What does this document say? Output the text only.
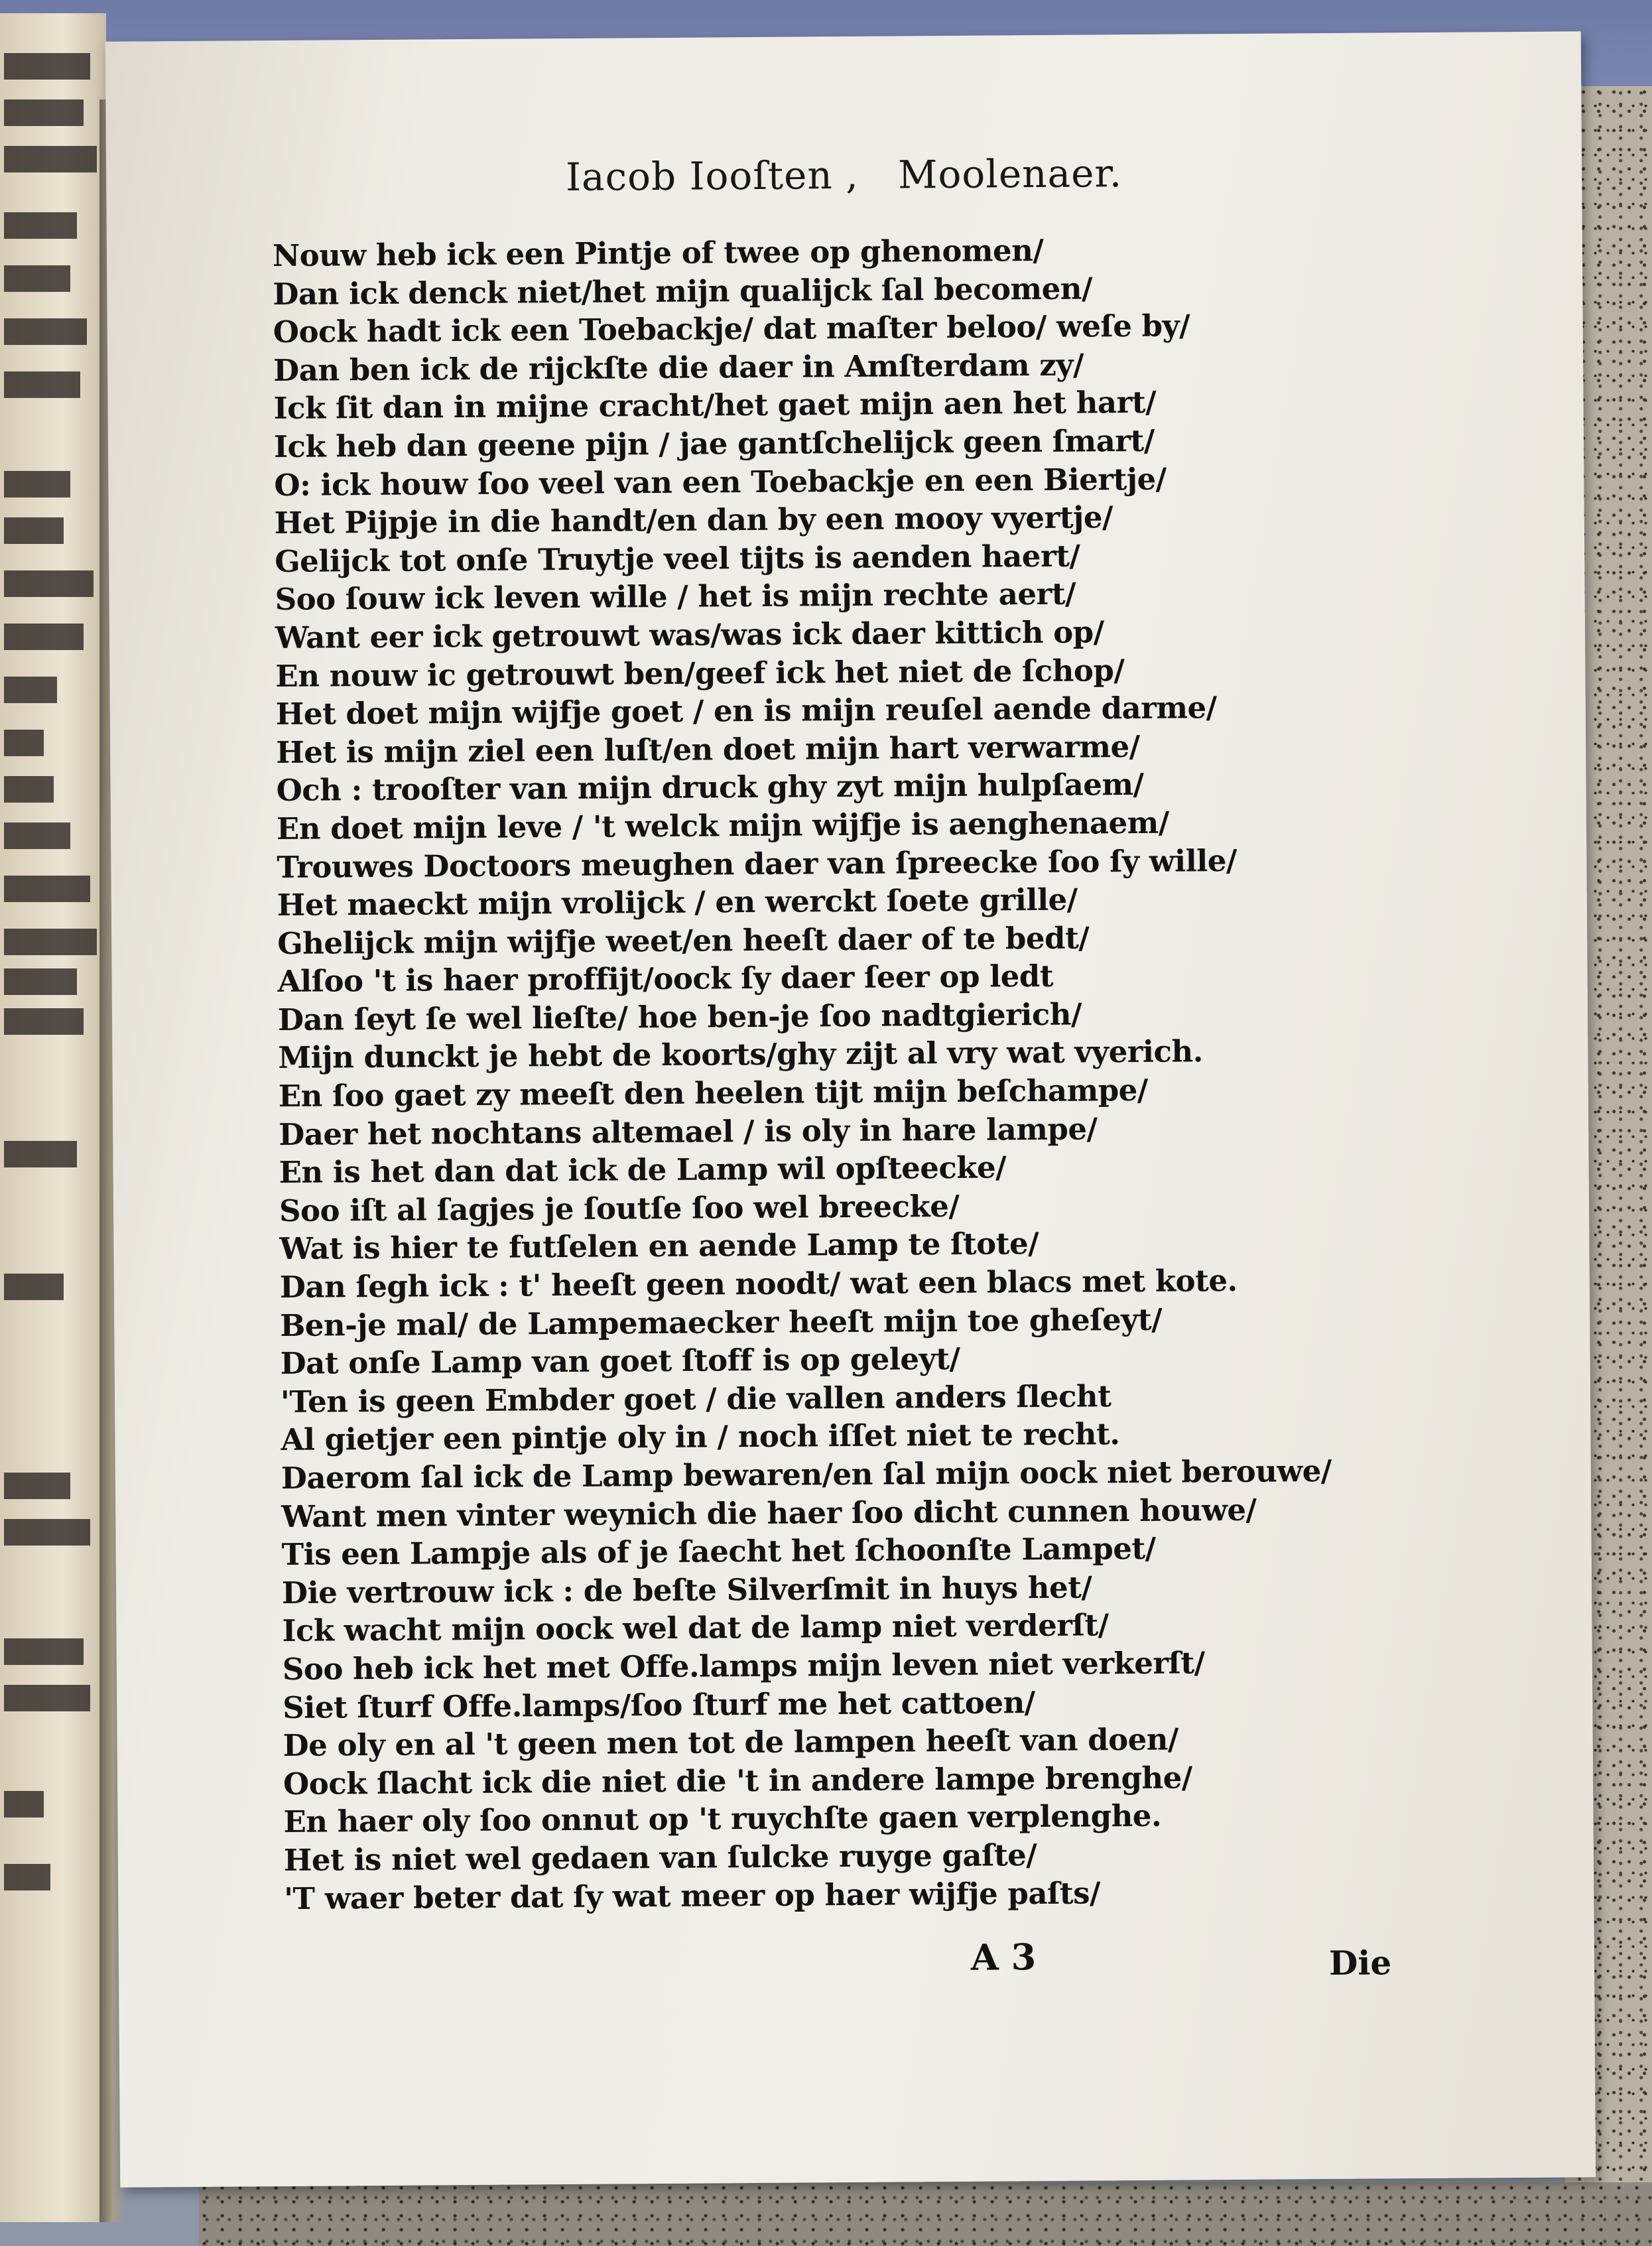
Iacob Iooſten , Moolenaer.
Nouw heb ick een Pintje of twee op ghenomen/
Dan ick denck niet/het mijn qualijck ſal becomen/
Oock hadt ick een Toebackje/ dat maſter beloo/ weſe by/
Dan ben ick de rijckſte die daer in Amſterdam zy/
Ick ſit dan in mijne cracht/het gaet mijn aen het hart/
Ick heb dan geene pijn / jae gantſchelijck geen ſmart/
O: ick houw ſoo veel van een Toebackje en een Biertje/
Het Pijpje in die handt/en dan by een mooy vyertje/
Gelijck tot onſe Truytje veel tijts is aenden haert/
Soo ſouw ick leven wille / het is mijn rechte aert/
Want eer ick getrouwt was/was ick daer kittich op/
En nouw ic getrouwt ben/geef ick het niet de ſchop/
Het doet mijn wijfje goet / en is mijn reuſel aende darme/
Het is mijn ziel een luſt/en doet mijn hart verwarme/
Och : trooſter van mijn druck ghy zyt mijn hulpſaem/
En doet mijn leve / 't welck mijn wijfje is aenghenaem/
Trouwes Doctoors meughen daer van ſpreecke ſoo ſy wille/
Het maeckt mijn vrolijck / en werckt ſoete grille/
Ghelijck mijn wijfje weet/en heeſt daer of te bedt/
Alſoo 't is haer proffijt/oock ſy daer ſeer op ledt
Dan ſeyt ſe wel lieſte/ hoe ben-je ſoo nadtgierich/
Mijn dunckt je hebt de koorts/ghy zijt al vry wat vyerich.
En ſoo gaet zy meeſt den heelen tijt mijn beſchampe/
Daer het nochtans altemael / is oly in hare lampe/
En is het dan dat ick de Lamp wil opſteecke/
Soo iſt al ſagjes je ſoutſe ſoo wel breecke/
Wat is hier te futſelen en aende Lamp te ſtote/
Dan ſegh ick : t' heeſt geen noodt/ wat een blacs met kote.
Ben-je mal/ de Lampemaecker heeſt mijn toe gheſeyt/
Dat onſe Lamp van goet ſtoff is op geleyt/
'Ten is geen Embder goet / die vallen anders ſlecht
Al gietjer een pintje oly in / noch iſſet niet te recht.
Daerom ſal ick de Lamp bewaren/en ſal mijn oock niet berouwe/
Want men vinter weynich die haer ſoo dicht cunnen houwe/
Tis een Lampje als of je ſaecht het ſchoonſte Lampet/
Die vertrouw ick : de beſte Silverſmit in huys het/
Ick wacht mijn oock wel dat de lamp niet verderſt/
Soo heb ick het met Offe.lamps mijn leven niet verkerſt/
Siet ſturf Offe.lamps/ſoo ſturf me het cattoen/
De oly en al 't geen men tot de lampen heeſt van doen/
Oock ſlacht ick die niet die 't in andere lampe brenghe/
En haer oly ſoo onnut op 't ruychſte gaen verplenghe.
Het is niet wel gedaen van ſulcke ruyge gaſte/
'T waer beter dat ſy wat meer op haer wijfje paſts/
A 3	Die
